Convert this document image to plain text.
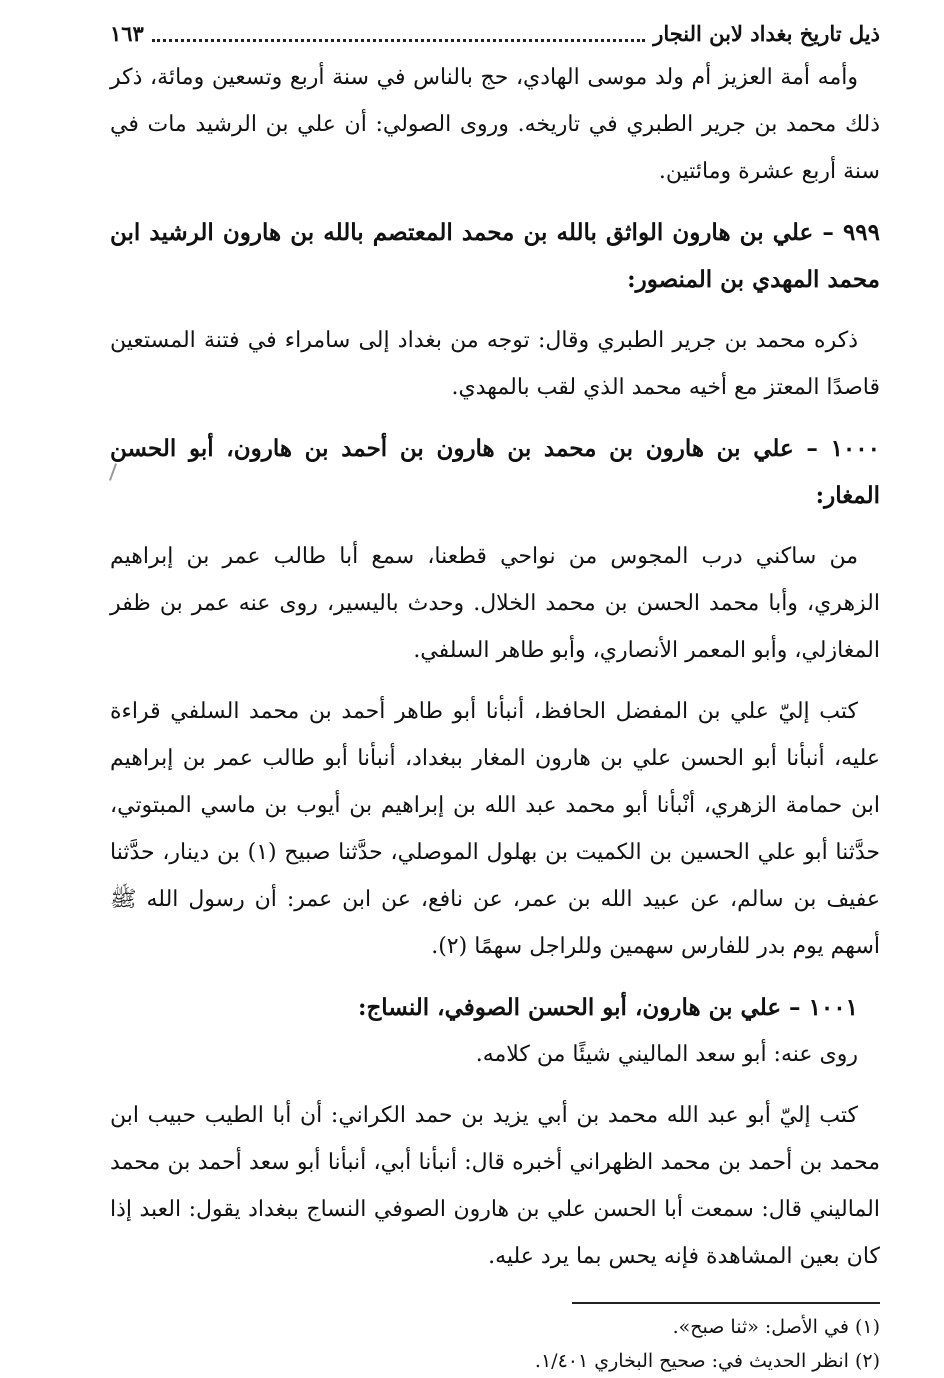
ذيل تاريخ بغداد لابن النجار
١٦٣

وأمه أمة العزيز أم ولد موسى الهادي، حج بالناس في سنة أربع وتسعين ومائة، ذكر ذلك محمد بن جرير الطبري في تاريخه. وروى الصولي: أن علي بن الرشيد مات في سنة أربع عشرة ومائتين.

٩٩٩ – علي بن هارون الواثق بالله بن محمد المعتصم بالله بن هارون الرشيد ابن محمد المهدي بن المنصور:

ذكره محمد بن جرير الطبري وقال: توجه من بغداد إلى سامراء في فتنة المستعين قاصدًا المعتز مع أخيه محمد الذي لقب بالمهدي.

١٠٠٠ – علي بن هارون بن محمد بن هارون بن أحمد بن هارون، أبو الحسن المغار:

من ساكني درب المجوس من نواحي قطعنا، سمع أبا طالب عمر بن إبراهيم الزهري، وأبا محمد الحسن بن محمد الخلال. وحدث باليسير، روى عنه عمر بن ظفر المغازلي، وأبو المعمر الأنصاري، وأبو طاهر السلفي.

كتب إليّ علي بن المفضل الحافظ، أنبأنا أبو طاهر أحمد بن محمد السلفي قراءة عليه، أنبأنا أبو الحسن علي بن هارون المغار ببغداد، أنبأنا أبو طالب عمر بن إبراهيم ابن حمامة الزهري، أنْبأنا أبو محمد عبد الله بن إبراهيم بن أيوب بن ماسي المبتوتي، حدَّثنا أبو علي الحسين بن الكميت بن بهلول الموصلي، حدَّثنا صبيح (١) بن دينار، حدَّثنا عفيف بن سالم، عن عبيد الله بن عمر، عن نافع، عن ابن عمر: أن رسول الله ﷺ أسهم يوم بدر للفارس سهمين وللراجل سهمًا (٢).

١٠٠١ – علي بن هارون، أبو الحسن الصوفي، النساج:

روى عنه: أبو سعد الماليني شيئًا من كلامه.

كتب إليّ أبو عبد الله محمد بن أبي يزيد بن حمد الكراني: أن أبا الطيب حبيب ابن محمد بن أحمد بن محمد الظهراني أخبره قال: أنبأنا أبي، أنبأنا أبو سعد أحمد بن محمد الماليني قال: سمعت أبا الحسن علي بن هارون الصوفي النساج ببغداد يقول: العبد إذا كان بعين المشاهدة فإنه يحس بما يرد عليه.

(١) في الأصل: «ثنا صبح».

(٢) انظر الحديث في: صحيح البخاري ١/٤٠١.
